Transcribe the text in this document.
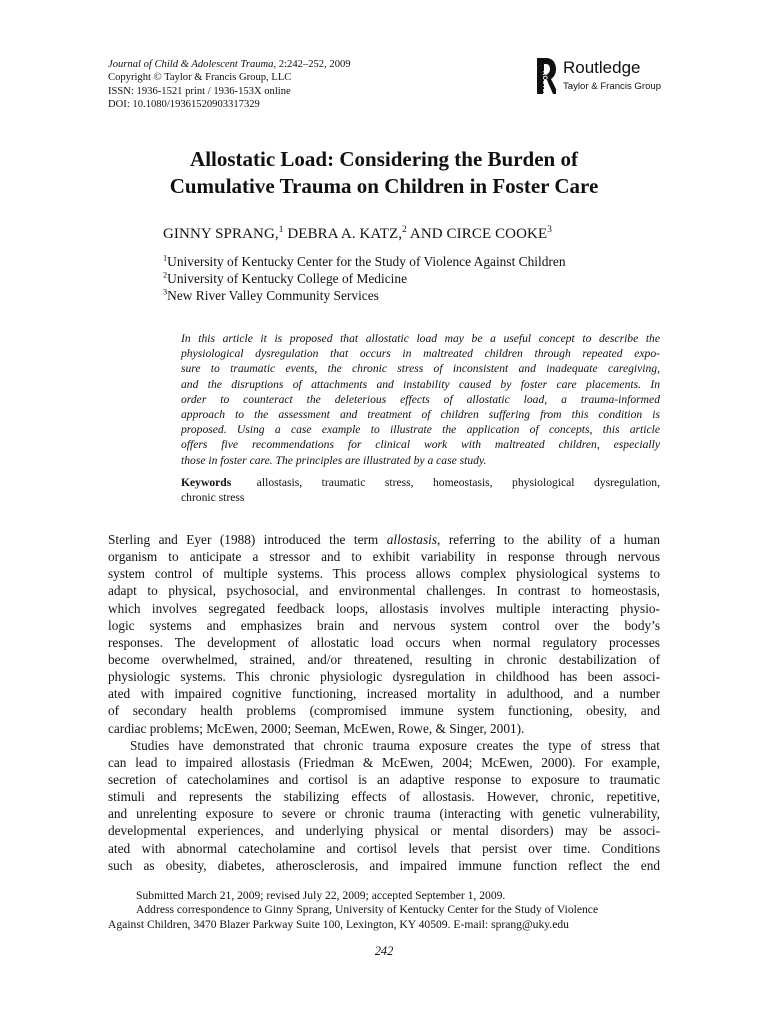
Journal of Child & Adolescent Trauma, 2:242–252, 2009
Copyright © Taylor & Francis Group, LLC
ISSN: 1936-1521 print / 1936-153X online
DOI: 10.1080/19361520903317329	ROUTLEDGE
Routledge
Taylor & Francis Group
Allostatic Load: Considering the Burden of
Cumulative Trauma on Children in Foster Care
GINNY SPRANG,$^1$ DEBRA A. KATZ,$^2$ AND CIRCE COOKE$^3$
$^1$University of Kentucky Center for the Study of Violence Against Children
$^2$University of Kentucky College of Medicine
$^3$New River Valley Community Services
In this article it is proposed that allostatic load may be a useful concept to describe the
physiological dysregulation that occurs in maltreated children through repeated expo-
sure to traumatic events, the chronic stress of inconsistent and inadequate caregiving,
and the disruptions of attachments and instability caused by foster care placements. In
order to counteract the deleterious effects of allostatic load, a trauma-informed
approach to the assessment and treatment of children suffering from this condition is
proposed. Using a case example to illustrate the application of concepts, this article
offers five recommendations for clinical work with maltreated children, especially
those in foster care. The principles are illustrated by a case study.
Keywords allostasis, traumatic stress, homeostasis, physiological dysregulation,
chronic stress
Sterling and Eyer (1988) introduced the term allostasis, referring to the ability of a human
organism to anticipate a stressor and to exhibit variability in response through nervous
system control of multiple systems. This process allows complex physiological systems to
adapt to physical, psychosocial, and environmental challenges. In contrast to homeostasis,
which involves segregated feedback loops, allostasis involves multiple interacting physio-
logic systems and emphasizes brain and nervous system control over the body’s
responses. The development of allostatic load occurs when normal regulatory processes
become overwhelmed, strained, and/or threatened, resulting in chronic destabilization of
physiologic systems. This chronic physiologic dysregulation in childhood has been associ-
ated with impaired cognitive functioning, increased mortality in adulthood, and a number
of secondary health problems (compromised immune system functioning, obesity, and
cardiac problems; McEwen, 2000; Seeman, McEwen, Rowe, & Singer, 2001).
Studies have demonstrated that chronic trauma exposure creates the type of stress that
can lead to impaired allostasis (Friedman & McEwen, 2004; McEwen, 2000). For example,
secretion of catecholamines and cortisol is an adaptive response to exposure to traumatic
stimuli and represents the stabilizing effects of allostasis. However, chronic, repetitive,
and unrelenting exposure to severe or chronic trauma (interacting with genetic vulnerability,
developmental experiences, and underlying physical or mental disorders) may be associ-
ated with abnormal catecholamine and cortisol levels that persist over time. Conditions
such as obesity, diabetes, atherosclerosis, and impaired immune function reflect the end
Submitted March 21, 2009; revised July 22, 2009; accepted September 1, 2009.
Address correspondence to Ginny Sprang, University of Kentucky Center for the Study of Violence
Against Children, 3470 Blazer Parkway Suite 100, Lexington, KY 40509. E-mail: sprang@uky.edu
242
